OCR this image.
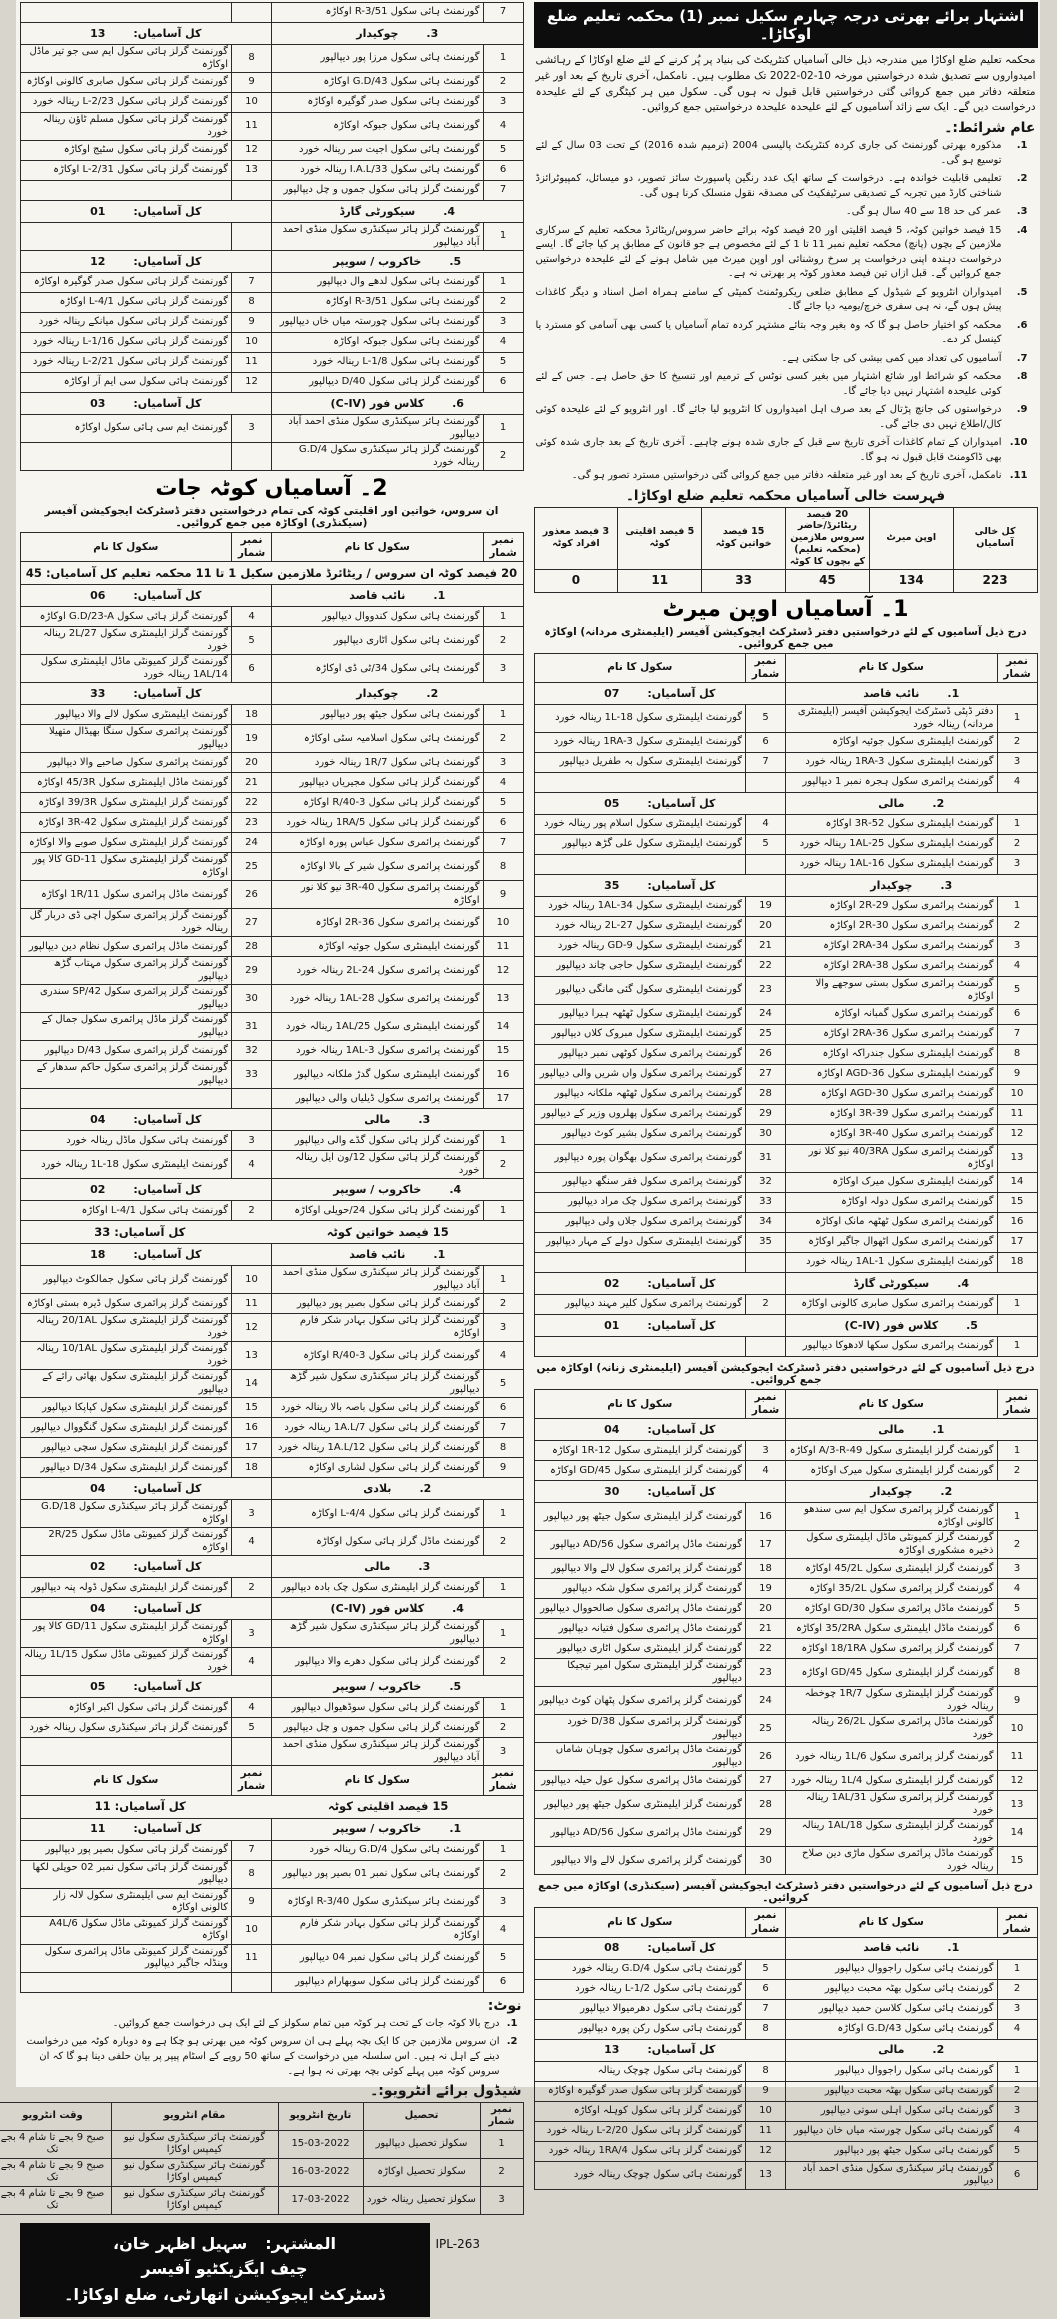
اشتہار برائے بھرتی درجہ چہارم سکیل نمبر (1) محکمہ تعلیم ضلع اوکاڑا۔

محکمہ تعلیم ضلع اوکاڑا میں مندرجہ ذیل خالی آسامیاں کنٹریکٹ کی بنیاد پر پُر کرنے کے لئے ضلع اوکاڑا کے رہائشی امیدواروں سے تصدیق شدہ درخواستیں مورخہ 10-02-2022 تک مطلوب ہیں۔ نامکمل، آخری تاریخ کے بعد اور غیر متعلقہ دفاتر میں جمع کروائی گئی درخواستیں قابل قبول نہ ہوں گی۔ سکول میں ہر کیٹگری کے لئے علیحدہ درخواست دیں گے۔ ایک سے زائد آسامیوں کے لئے علیحدہ علیحدہ درخواستیں جمع کروائیں۔

عام شرائط:۔
1.
مذکورہ بھرتی گورنمنٹ کی جاری کردہ کنٹریکٹ پالیسی 2004 (ترمیم شدہ 2016) کے تحت 03 سال کے لئے توسیع ہو گی۔
2.
تعلیمی قابلیت خواندہ ہے۔ درخواست کے ساتھ ایک عدد رنگین پاسپورٹ سائز تصویر، دو میسائل، کمپیوٹرائزڈ شناختی کارڈ میں تجربہ کے تصدیقی سرٹیفکیٹ کی مصدقہ نقول منسلک کرنا ہوں گی۔
3.
عمر کی حد 18 سے 40 سال ہو گی۔
4.
15 فیصد خواتین کوٹہ، 5 فیصد اقلیتی اور 20 فیصد کوٹہ برائے حاضر سروس/ریٹائرڈ محکمہ تعلیم کے سرکاری ملازمین کے بچوں (پانچ) محکمہ تعلیم نمبر 11 تا 1 کے لئے مخصوص ہے جو قانون کے مطابق پر کیا جائے گا۔ ایسے درخواست دہندہ اپنی درخواست پر سرخ روشنائی اور اوپن میرٹ میں شامل ہونے کے لئے علیحدہ درخواستیں جمع کروائیں گے۔ قبل ازاں تین فیصد معذور کوٹہ پر بھرتی نہ ہے۔
5.
امیدواران انٹرویو کے شیڈول کے مطابق ضلعی ریکروٹمنٹ کمیٹی کے سامنے ہمراہ اصل اسناد و دیگر کاغذات پیش ہوں گے، نہ ہی سفری خرچ/یومیہ دیا جائے گا۔
6.
محکمہ کو اختیار حاصل ہو گا کہ وہ بغیر وجہ بتائے مشتہر کردہ تمام آسامیاں یا کسی بھی آسامی کو مسترد یا کینسل کر دے۔
7.
آسامیوں کی تعداد میں کمی بیشی کی جا سکتی ہے۔
8.
محکمہ کو شرائط اور شائع اشتہار میں بغیر کسی نوٹس کے ترمیم اور تنسیخ کا حق حاصل ہے۔ جس کے لئے کوئی علیحدہ اشتہار نہیں دیا جائے گا۔
9.
درخواستوں کی جانچ پڑتال کے بعد صرف اہل امیدواروں کا انٹرویو لیا جائے گا۔ اور انٹرویو کے لئے علیحدہ کوئی کال/اطلاع نہیں دی جائے گی۔
10.
امیدواران کے تمام کاغذات آخری تاریخ سے قبل کے جاری شدہ ہونے چاہیے۔ آخری تاریخ کے بعد جاری شدہ کوئی بھی ڈاکومنٹ قابل قبول نہ ہو گا۔
11.
نامکمل، آخری تاریخ کے بعد اور غیر متعلقہ دفاتر میں جمع کروائی گئی درخواستیں مسترد تصور ہو گی۔
فہرست خالی آسامیاں محکمہ تعلیم ضلع اوکاڑا۔
کل خالی آسامیاں	اوپن میرٹ	20 فیصد ریٹائرڈ/حاضر سروس ملازمین (محکمہ تعلیم) کے بچوں کا کوٹہ	15 فیصد خواتین کوٹہ	5 فیصد اقلیتی کوٹہ	3 فیصد معذور افراد کوٹہ
223	134	45	33	11	0
1۔ آسامیاں اوپن میرٹ
درج ذیل آسامیوں کے لئے درخواستیں دفتر ڈسٹرکٹ ایجوکیشن آفیسر (ایلیمنٹری مردانہ) اوکاڑہ میں جمع کروائیں۔
نمبر شمار	سکول کا نام	نمبر شمار	سکول کا نام
1.نائب قاصد		کل آسامیاں:07	
1	دفتر ڈپٹی ڈسٹرکٹ ایجوکیشن آفیسر (ایلیمنٹری مردانہ) رینالہ خورد	5	گورنمنٹ ایلیمنٹری سکول 18-1L رینالہ خورد
2	گورنمنٹ ایلیمنٹری سکول جوئیہ اوکاڑہ	6	گورنمنٹ ایلیمنٹری سکول 1RA-3 رینالہ خورد
3	گورنمنٹ ایلیمنٹری سکول 1RA-3 رینالہ خورد	7	گورنمنٹ ایلیمنٹری سکول بہ طفریل دیپالپور
4	گورنمنٹ پرائمری سکول ہجرہ نمبر 1 دیپالپور		
2.مالی		کل آسامیاں:05	
1	گورنمنٹ ایلیمنٹری سکول 52-3R اوکاڑہ	4	گورنمنٹ ایلیمنٹری سکول اسلام پور رینالہ خورد
2	گورنمنٹ ایلیمنٹری سکول 25-1AL رینالہ خورد	5	گورنمنٹ ایلیمنٹری سکول علی گڑھ دیپالپور
3	گورنمنٹ ایلیمنٹری سکول 16-1AL رینالہ خورد		
3.چوکیدار		کل آسامیاں:35	
1	گورنمنٹ پرائمری سکول 29-2R اوکاڑہ	19	گورنمنٹ ایلیمنٹری سکول 34-1AL رینالہ خورد
2	گورنمنٹ پرائمری سکول 30-2R اوکاڑہ	20	گورنمنٹ ایلیمنٹری سکول 27-2L رینالہ خورد
3	گورنمنٹ پرائمری سکول 34-2RA اوکاڑہ	21	گورنمنٹ ایلیمنٹری سکول 9-GD رینالہ خورد
4	گورنمنٹ پرائمری سکول 38-2RA اوکاڑہ	22	گورنمنٹ ایلیمنٹری سکول حاجی چاند دیپالپور
5	گورنمنٹ پرائمری سکول بستی سوجھے والا اوکاڑہ	23	گورنمنٹ ایلیمنٹری سکول گئی مانگی دیپالپور
6	گورنمنٹ پرائمری سکول گمبانہ اوکاڑہ	24	گورنمنٹ ایلیمنٹری سکول ٹھٹھہ ہیرا دیپالپور
7	گورنمنٹ پرائمری سکول 36-2RA اوکاڑہ	25	گورنمنٹ ایلیمنٹری سکول مبروک کلاں دیپالپور
8	گورنمنٹ ایلیمنٹری سکول جندراکہ اوکاڑہ	26	گورنمنٹ پرائمری سکول کوٹھی نمبر دیپالپور
9	گورنمنٹ ایلیمنٹری سکول 36-AGD اوکاڑہ	27	گورنمنٹ پرائمری سکول واں شریں والی دیپالپور
10	گورنمنٹ پرائمری سکول 30-AGD اوکاڑہ	28	گورنمنٹ پرائمری سکول ٹھٹھہ ملکانہ دیپالپور
11	گورنمنٹ پرائمری سکول 39-3R اوکاڑہ	29	گورنمنٹ پرائمری سکول پھلروں وزیر کے دیپالپور
12	گورنمنٹ پرائمری سکول 40-3R اوکاڑہ	30	گورنمنٹ پرائمری سکول بشیر کوٹ دیپالپور
13	گورنمنٹ پرائمری سکول 40/3RA نیو کلا نور اوکاڑہ	31	گورنمنٹ پرائمری سکول بھگوان پورہ دیپالپور
14	گورنمنٹ ایلیمنٹری سکول میرک اوکاڑہ	32	گورنمنٹ پرائمری سکول فقر سنگھ دیپالپور
15	گورنمنٹ پرائمری سکول دولہ اوکاڑہ	33	گورنمنٹ پرائمری سکول چک مراد دیپالپور
16	گورنمنٹ پرائمری سکول ٹھٹھہ مانک اوکاڑہ	34	گورنمنٹ پرائمری سکول جلاں ولی دیپالپور
17	گورنمنٹ پرائمری سکول اٹھوال جاگیر اوکاڑہ	35	گورنمنٹ ایلیمنٹری سکول دولے کے مہار دیپالپور
18	گورنمنٹ ایلیمنٹری سکول 1-1AL رینالہ خورد		
4.سیکورٹی گارڈ		کل آسامیاں:02	
1	گورنمنٹ پرائمری سکول صابری کالونی اوکاڑہ	2	گورنمنٹ پرائمری سکول کلیر مہند دیپالپور
5.کلاس فور (C-IV)		کل آسامیاں:01	
1	گورنمنٹ پرائمری سکول سکھا لادھوکا دیپالپور		
درج ذیل آسامیوں کے لئے درخواستیں دفتر ڈسٹرکٹ ایجوکیشن آفیسر (ایلیمنٹری زنانہ) اوکاڑہ میں جمع کروائیں۔
نمبر شمار	سکول کا نام	نمبر شمار	سکول کا نام
1.مالی		کل آسامیاں:04	
1	گورنمنٹ گرلز ایلیمنٹری سکول 49-A/3-R اوکاڑہ	3	گورنمنٹ گرلز ایلیمنٹری سکول 12-1R اوکاڑہ
2	گورنمنٹ گرلز ایلیمنٹری سکول میرک اوکاڑہ	4	گورنمنٹ گرلز ایلیمنٹری سکول 45/GD اوکاڑہ
2.چوکیدار		کل آسامیاں:30	
1	گورنمنٹ گرلز پرائمری سکول ایم سی سندھو کالونی اوکاڑہ	16	گورنمنٹ گرلز ایلیمنٹری سکول جیٹھ پور دیپالپور
2	گورنمنٹ گرلز کمیونٹی ماڈل ایلیمنٹری سکول ذخیرہ مشکوری اوکاڑہ	17	گورنمنٹ ماڈل پرائمری سکول 56/AD دیپالپور
3	گورنمنٹ گرلز ایلیمنٹری سکول 45/2L اوکاڑہ	18	گورنمنٹ گرلز پرائمری سکول لالے والا دیپالپور
4	گورنمنٹ گرلز پرائمری سکول 35/2L اوکاڑہ	19	گورنمنٹ گرلز پرائمری سکول شکہ دیپالپور
5	گورنمنٹ ماڈل پرائمری سکول 30/GD اوکاڑہ	20	گورنمنٹ ماڈل پرائمری سکول صالحووال دیپالپور
6	گورنمنٹ ماڈل ایلیمنٹری سکول 35/2RA اوکاڑہ	21	گورنمنٹ ماڈل پرائمری سکول فتیانہ دیپالپور
7	گورنمنٹ گرلز پرائمری سکول 18/1RA اوکاڑہ	22	گورنمنٹ گرلز ایلیمنٹری سکول اٹاری دیپالپور
8	گورنمنٹ گرلز ایلیمنٹری سکول 45/GD اوکاڑہ	23	گورنمنٹ گرلز ایلیمنٹری سکول امیر تیجیکا دیپالپور
9	گورنمنٹ گرلز ایلیمنٹری سکول 1R/7 چوخطہ رینالہ خورد	24	گورنمنٹ گرلز پرائمری سکول پٹھان کوٹ دیپالپور
10	گورنمنٹ ماڈل پرائمری سکول 26/2L رینالہ خورد	25	گورنمنٹ گرلز پرائمری سکول 38/D خورد دیپالپور
11	گورنمنٹ گرلز پرائمری سکول 1L/6 رینالہ خورد	26	گورنمنٹ ماڈل پرائمری سکول چوہان شاماں دیپالپور
12	گورنمنٹ گرلز ایلیمنٹری سکول 1L/4 رینالہ خورد	27	گورنمنٹ ماڈل پرائمری سکول عول حیلہ دیپالپور
13	گورنمنٹ گرلز پرائمری سکول 1AL/31 رینالہ خورد	28	گورنمنٹ گرلز ایلیمنٹری سکول جیٹھ پور دیپالپور
14	گورنمنٹ گرلز ایلیمنٹری سکول 1AL/18 رینالہ خورد	29	گورنمنٹ ماڈل پرائمری سکول 56/AD دیپالپور
15	گورنمنٹ ماڈل پرائمری سکول ماڑی دین صلاح رینالہ خورد	30	گورنمنٹ گرلز پرائمری سکول لالے والا دیپالپور
درج ذیل آسامیوں کے لئے درخواستیں دفتر ڈسٹرکٹ ایجوکیشن آفیسر (سیکنڈری) اوکاڑہ میں جمع کروائیں۔
نمبر شمار	سکول کا نام	نمبر شمار	سکول کا نام
1.نائب قاصد		کل آسامیاں:08	
1	گورنمنٹ ہائی سکول راجووال دیپالپور	5	گورنمنٹ ہائی سکول G.D/4 رینالہ خورد
2	گورنمنٹ ہائی سکول بھٹہ محبت دیپالپور	6	گورنمنٹ ہائی سکول L-1/2 رینالہ خورد
3	گورنمنٹ ہائی سکول کلاسن حمید دیپالپور	7	گورنمنٹ ہائی سکول دھرمیوالا دیپالپور
4	گورنمنٹ ہائی سکول G.D/43 اوکاڑہ	8	گورنمنٹ ہائی سکول رکن پورہ دیپالپور
2.مالی		کل آسامیاں:13	
1	گورنمنٹ ہائی سکول راجووال دیپالپور	8	گورنمنٹ ہائی سکول چوچک رینالہ
2	گورنمنٹ ہائی سکول بھٹہ محبت دیپالپور	9	گورنمنٹ گرلز ہائی سکول صدر گوگیرہ اوکاڑہ
3	گورنمنٹ ہائی سکول اہلی سوتی دیپالپور	10	گورنمنٹ گرلز ہائی سکول کوہلہ اوکاڑہ
4	گورنمنٹ ہائی سکول چورستہ میاں خان دیپالپور	11	گورنمنٹ گرلز ہائی سکول L-2/20 رینالہ خورد
5	گورنمنٹ ہائی سکول جیٹھ پور دیپالپور	12	گورنمنٹ گرلز ہائی سکول 1RA/4 رینالہ خورد
6	گورنمنٹ ہائر سیکنڈری سکول منڈی احمد آباد دیپالپور	13	گورنمنٹ ہائی سکول چوچک رینالہ خورد
7	گورنمنٹ ہائی سکول R-3/51 اوکاڑہ		
3.چوکیدار		کل آسامیاں:13	
1	گورنمنٹ ہائی سکول مرزا پور دیپالپور	8	گورنمنٹ گرلز ہائی سکول ایم سی جو تیر ماڈل اوکاڑہ
2	گورنمنٹ ہائی سکول G.D/43 اوکاڑہ	9	گورنمنٹ گرلز ہائی سکول صابری کالونی اوکاڑہ
3	گورنمنٹ ہائی سکول صدر گوگیرہ اوکاڑہ	10	گورنمنٹ گرلز ہائی سکول L-2/23 رینالہ خورد
4	گورنمنٹ ہائی سکول جبوکہ اوکاڑہ	11	گورنمنٹ گرلز ہائی سکول مسلم ٹاؤن رینالہ خورد
5	گورنمنٹ ہائی سکول اجیت سر رینالہ خورد	12	گورنمنٹ گرلز ہائی سکول سٹیج اوکاڑہ
6	گورنمنٹ ہائی سکول I.A.L/33 رینالہ خورد	13	گورنمنٹ گرلز ہائی سکول L-2/31 اوکاڑہ
7	گورنمنٹ گرلز ہائی سکول جموں و چل دیپالپور		
4.سیکورٹی گارڈ		کل آسامیاں:01	
1	گورنمنٹ گرلز ہائر سیکنڈری سکول منڈی احمد آباد دیپالپور		
5.خاکروب / سویپر		کل آسامیاں:12	
1	گورنمنٹ ہائی سکول لدھے وال دیپالپور	7	گورنمنٹ گرلز ہائی سکول صدر گوگیرہ اوکاڑہ
2	گورنمنٹ ہائی سکول R-3/51 اوکاڑہ	8	گورنمنٹ گرلز ہائی سکول L-4/1 اوکاڑہ
3	گورنمنٹ ہائی سکول چورستہ میاں خاں دیپالپور	9	گورنمنٹ گرلز ہائی سکول میانکے رینالہ خورد
4	گورنمنٹ ہائی سکول جبوکہ اوکاڑہ	10	گورنمنٹ گرلز ہائی سکول L-1/16 رینالہ خورد
5	گورنمنٹ ہائی سکول L-1/8 رینالہ خورد	11	گورنمنٹ گرلز ہائی سکول L-2/21 رینالہ خورد
6	گورنمنٹ گرلز ہائی سکول D/40 دیپالپور	12	گورنمنٹ ہائی سکول سی ایم آر اوکاڑہ
6.کلاس فور (C-IV)		کل آسامیاں:03	
1	گورنمنٹ ہائر سیکنڈری سکول منڈی احمد آباد دیپالپور	3	گورنمنٹ ایم سی ہائی سکول اوکاڑہ
2	گورنمنٹ گرلز ہائر سیکنڈری سکول G.D/4 رینالہ خورد		
2۔ آسامیاں کوٹہ جات
ان سروس، خواتین اور اقلیتی کوٹہ کی تمام درخواستیں دفتر ڈسٹرکٹ ایجوکیشن آفیسر (سیکنڈری) اوکاڑہ میں جمع کروائیں۔
نمبر شمار	سکول کا نام	نمبر شمار	سکول کا نام

20 فیصد کوٹہ ان سروس / ریٹائرڈ ملازمین سکیل 1 تا 11 محکمہ تعلیم
کل آسامیاں: 45			

1.نائب قاصد		کل آسامیاں:06	
1	گورنمنٹ ہائی سکول کندووال دیپالپور	4	گورنمنٹ گرلز ہائی سکول G.D/23-A اوکاڑہ
2	گورنمنٹ ہائی سکول اٹاری دیپالپور	5	گورنمنٹ گرلز ایلیمنٹری سکول 2L/27 رینالہ خورد
3	گورنمنٹ ہائی سکول 34/ٹی ڈی اوکاڑہ	6	گورنمنٹ گرلز کمیونٹی ماڈل ایلیمنٹری سکول 1AL/14 رینالہ خورد
2.چوکیدار		کل آسامیاں:33	
1	گورنمنٹ ہائی سکول جیٹھ پور دیپالپور	18	گورنمنٹ ایلیمنٹری سکول لالے والا دیپالپور
2	گورنمنٹ ہائی سکول اسلامیہ سٹی اوکاڑہ	19	گورنمنٹ پرائمری سکول سنگا بھیڈال متھیلا دیپالپور
3	گورنمنٹ ہائی سکول 1R/7 رینالہ خورد	20	گورنمنٹ پرائمری سکول صاحبے والا دیپالپور
4	گورنمنٹ گرلز ہائی سکول مجیریاں دیپالپور	21	گورنمنٹ ماڈل ایلیمنٹری سکول 45/3R اوکاڑہ
5	گورنمنٹ گرلز ہائی سکول 3-R/40 اوکاڑہ	22	گورنمنٹ گرلز ایلیمنٹری سکول 39/3R اوکاڑہ
6	گورنمنٹ گرلز ہائی سکول 1RA/5 رینالہ خورد	23	گورنمنٹ گرلز ایلیمنٹری سکول 42-3R اوکاڑہ
7	گورنمنٹ پرائمری سکول عباس پورہ اوکاڑہ	24	گورنمنٹ گرلز ایلیمنٹری سکول صوبے والا اوکاڑہ
8	گورنمنٹ پرائمری سکول شیر کے بالا اوکاڑہ	25	گورنمنٹ گرلز ایلیمنٹری سکول 11-GD کالا پور اوکاڑہ
9	گورنمنٹ پرائمری سکول 40-3R نیو کلا نور اوکاڑہ	26	گورنمنٹ ماڈل پرائمری سکول 1R/11 اوکاڑہ
10	گورنمنٹ پرائمری سکول 36-2R اوکاڑہ	27	گورنمنٹ گرلز پرائمری سکول اچی ڈی دربار گل رینالہ خورد
11	گورنمنٹ ایلیمنٹری سکول جوئیہ اوکاڑہ	28	گورنمنٹ ماڈل پرائمری سکول نظام دین دیپالپور
12	گورنمنٹ پرائمری سکول 24-2L رینالہ خورد	29	گورنمنٹ گرلز پرائمری سکول مہتاب گڑھ دیپالپور
13	گورنمنٹ پرائمری سکول 28-1AL رینالہ خورد	30	گورنمنٹ گرلز پرائمری سکول SP/42 سندری دیپالپور
14	گورنمنٹ ایلیمنٹری سکول 1AL/25 رینالہ خورد	31	گورنمنٹ گرلز ماڈل پرائمری سکول جمال کے دیپالپور
15	گورنمنٹ پرائمری سکول 3-1AL رینالہ خورد	32	گورنمنٹ گرلز پرائمری سکول D/43 دیپالپور
16	گورنمنٹ ایلیمنٹری سکول گدڑ ملکانہ دیپالپور	33	گورنمنٹ گرلز پرائمری سکول حاکم سدھار کے دیپالپور
17	گورنمنٹ پرائمری سکول ڈیلیاں والی دیپالپور		
3.مالی		کل آسامیاں:04	
1	گورنمنٹ گرلز ہائی سکول گڈے والی دیپالپور	3	گورنمنٹ ہائی سکول ماڈل رینالہ خورد
2	گورنمنٹ گرلز ہائی سکول 12/ون ایل رینالہ خورد	4	گورنمنٹ ایلیمنٹری سکول 18-1L رینالہ خورد
4.خاکروب / سویپر		کل آسامیاں:02	
1	گورنمنٹ گرلز ہائی سکول 24/حویلی اوکاڑہ	2	گورنمنٹ ہائی سکول L-4/1 اوکاڑہ

15 فیصد خواتین کوٹہ
کل آسامیاں: 33			

1.نائب قاصد		کل آسامیاں:18	
1	گورنمنٹ گرلز ہائر سیکنڈری سکول منڈی احمد آباد دیپالپور	10	گورنمنٹ گرلز ہائی سکول جمالکوٹ دیپالپور
2	گورنمنٹ گرلز ہائی سکول بصیر پور دیپالپور	11	گورنمنٹ گرلز پرائمری سکول ڈیرہ بستی اوکاڑہ
3	گورنمنٹ گرلز ہائی سکول بہادر شکر فارم اوکاڑہ	12	گورنمنٹ گرلز ایلیمنٹری سکول 20/1AL رینالہ خورد
4	گورنمنٹ گرلز ہائی سکول 3-R/40 اوکاڑہ	13	گورنمنٹ گرلز ایلیمنٹری سکول 10/1AL رینالہ خورد
5	گورنمنٹ گرلز ہائر سیکنڈری سکول شیر گڑھ دیپالپور	14	گورنمنٹ گرلز ایلیمنٹری سکول بھائی رائے کے دیپالپور
6	گورنمنٹ گرلز ہائی سکول باصہ بالا رینالہ خورد	15	گورنمنٹ گرلز ایلیمنٹری سکول کپاپکا دیپالپور
7	گورنمنٹ گرلز ہائی سکول 1A.L/7 رینالہ خورد	16	گورنمنٹ گرلز ایلیمنٹری سکول گنگووال دیپالپور
8	گورنمنٹ گرلز ہائی سکول 1A.L/12 رینالہ خورد	17	گورنمنٹ گرلز ایلیمنٹری سکول سچی دیپالپور
9	گورنمنٹ گرلز ہائی سکول لشاری اوکاڑہ	18	گورنمنٹ گرلز ایلیمنٹری سکول 34/D دیپالپور
2.بلادی		کل آسامیاں:04	
1	گورنمنٹ گرلز ہائی سکول L-4/4 اوکاڑہ	3	گورنمنٹ گرلز ہائر سیکنڈری سکول G.D/18 اوکاڑہ
2	گورنمنٹ ماڈل گرلز ہائی سکول اوکاڑہ	4	گورنمنٹ گرلز کمیونٹی ماڈل سکول 2R/25 اوکاڑہ
3.مالی		کل آسامیاں:02	
1	گورنمنٹ گرلز ایلیمنٹری سکول چک بادہ دیپالپور	2	گورنمنٹ گرلز ایلیمنٹری سکول ڈولہ پنہ دیپالپور
4.کلاس فور (C-IV)		کل آسامیاں:04	
1	گورنمنٹ گرلز ہائر سیکنڈری سکول شیر گڑھ دیپالپور	3	گورنمنٹ گرلز ایلیمنٹری سکول GD/11 کالا پور اوکاڑہ
2	گورنمنٹ گرلز ہائی سکول دھرے والا دیپالپور	4	گورنمنٹ گرلز کمیونٹی ماڈل سکول 1L/15 رینالہ خورد
5.خاکروب / سویپر		کل آسامیاں:05	
1	گورنمنٹ گرلز ہائی سکول سوڈھیوال دیپالپور	4	گورنمنٹ گرلز ہائی سکول اکبر اوکاڑہ
2	گورنمنٹ گرلز ہائی سکول جموں و چل دیپالپور	5	گورنمنٹ گرلز ہائر سیکنڈری سکول رینالہ خورد
3	گورنمنٹ گرلز ہائر سیکنڈری سکول منڈی احمد آباد دیپالپور		
نمبر شمار	سکول کا نام	نمبر شمار	سکول کا نام

15 فیصد اقلیتی کوٹہ
کل آسامیاں: 11			

1.خاکروب / سویپر		کل آسامیاں:11	
1	گورنمنٹ ہائی سکول G.D/4 رینالہ خورد	7	گورنمنٹ گرلز ہائی سکول بصیر پور دیپالپور
2	گورنمنٹ ہائی سکول نمبر 01 بصیر پور دیپالپور	8	گورنمنٹ گرلز ہائی سکول نمبر 02 حویلی لکھا دیپالپور
3	گورنمنٹ ہائر سیکنڈری سکول R-3/40 اوکاڑہ	9	گورنمنٹ ایم سی ایلیمنٹری سکول لالہ زار کالونی اوکاڑہ
4	گورنمنٹ گرلز ہائی سکول بہادر شکر فارم اوکاڑہ	10	گورنمنٹ گرلز کمیونٹی ماڈل سکول A4L/6 اوکاڑہ
5	گورنمنٹ گرلز ہائی سکول نمبر 04 دیپالپور	11	گورنمنٹ گرلز کمیونٹی ماڈل پرائمری سکول وینڈلہ جاگیر دیپالپور
6	گورنمنٹ گرلز ہائی سکول سوبھارام دیپالپور		
نوٹ:
1.
درج بالا کوٹہ جات کے تحت ہر کوٹہ میں تمام سکولز کے لئے ایک ہی درخواست جمع کروائیں۔
2.
ان سروس ملازمین جن کا ایک بچہ پہلے ہی ان سروس کوٹہ میں بھرتی ہو چکا ہے وہ دوبارہ کوٹہ میں درخواست دینے کے اہل نہ ہیں۔ اس سلسلہ میں درخواست کے ساتھ 50 روپے کے اسٹام پیپر پر بیان حلفی دینا ہو گا کہ ان سروس کوٹہ میں پہلے کوئی بچہ بھرتی نہ ہوا ہے۔
شیڈول برائے انٹرویو:۔
نمبر شمار	تحصیل	تاریخ انٹرویو	مقام انٹرویو	وقت انٹرویو
1	سکولز تحصیل دیپالپور	15-03-2022	گورنمنٹ ہائر سیکنڈری سکول نیو کیمپس اوکاڑا	صبح 9 بجے تا شام 4 بجے تک
2	سکولز تحصیل اوکاڑہ	16-03-2022	گورنمنٹ ہائر سیکنڈری سکول نیو کیمپس اوکاڑا	صبح 9 بجے تا شام 4 بجے تک
3	سکولز تحصیل رینالہ خورد	17-03-2022	گورنمنٹ ہائر سیکنڈری سکول نیو کیمپس اوکاڑا	صبح 9 بجے تا شام 4 بجے تک
IPL-263
المشتہر:
سہیل اظہر خان،
چیف ایگزیکٹیو آفیسر
ڈسٹرکٹ ایجوکیشن اتھارٹی، ضلع اوکاڑا۔
